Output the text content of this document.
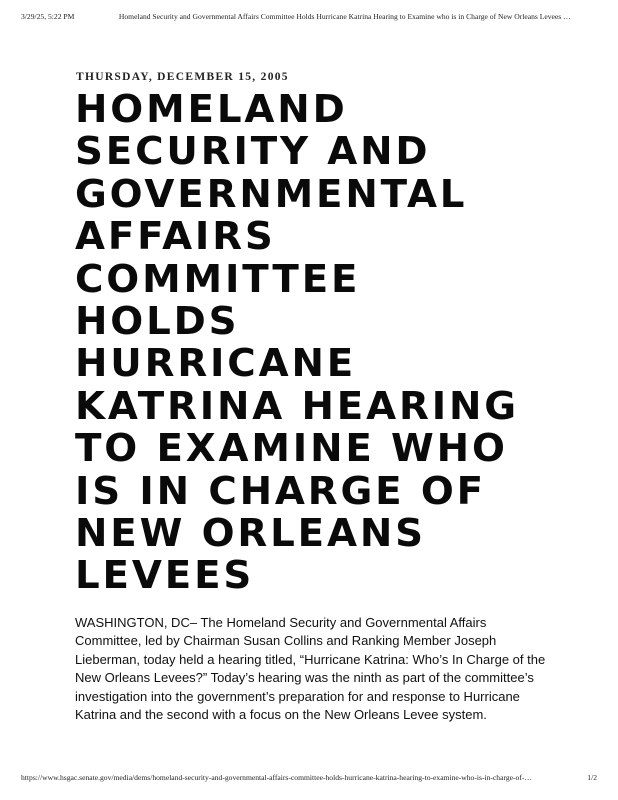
3/29/25, 5:22 PM	Homeland Security and Governmental Affairs Committee Holds Hurricane Katrina Hearing to Examine who is in Charge of New Orleans Levees …
THURSDAY, DECEMBER 15, 2005
HOMELAND
SECURITY AND
GOVERNMENTAL
AFFAIRS
COMMITTEE
HOLDS
HURRICANE
KATRINA HEARING
TO EXAMINE WHO
IS IN CHARGE OF
NEW ORLEANS
LEVEES

WASHINGTON, DC– The Homeland Security and Governmental Affairs Committee, led by Chairman Susan Collins and Ranking Member Joseph Lieberman, today held a hearing titled, “Hurricane Katrina: Who’s In Charge of the New Orleans Levees?” Today’s hearing was the ninth as part of the committee’s investigation into the government’s preparation for and response to Hurricane Katrina and the second with a focus on the New Orleans Levee system.

https://www.hsgac.senate.gov/media/dems/homeland-security-and-governmental-affairs-committee-holds-hurricane-katrina-hearing-to-examine-who-is-in-charge-of-…	1/2
